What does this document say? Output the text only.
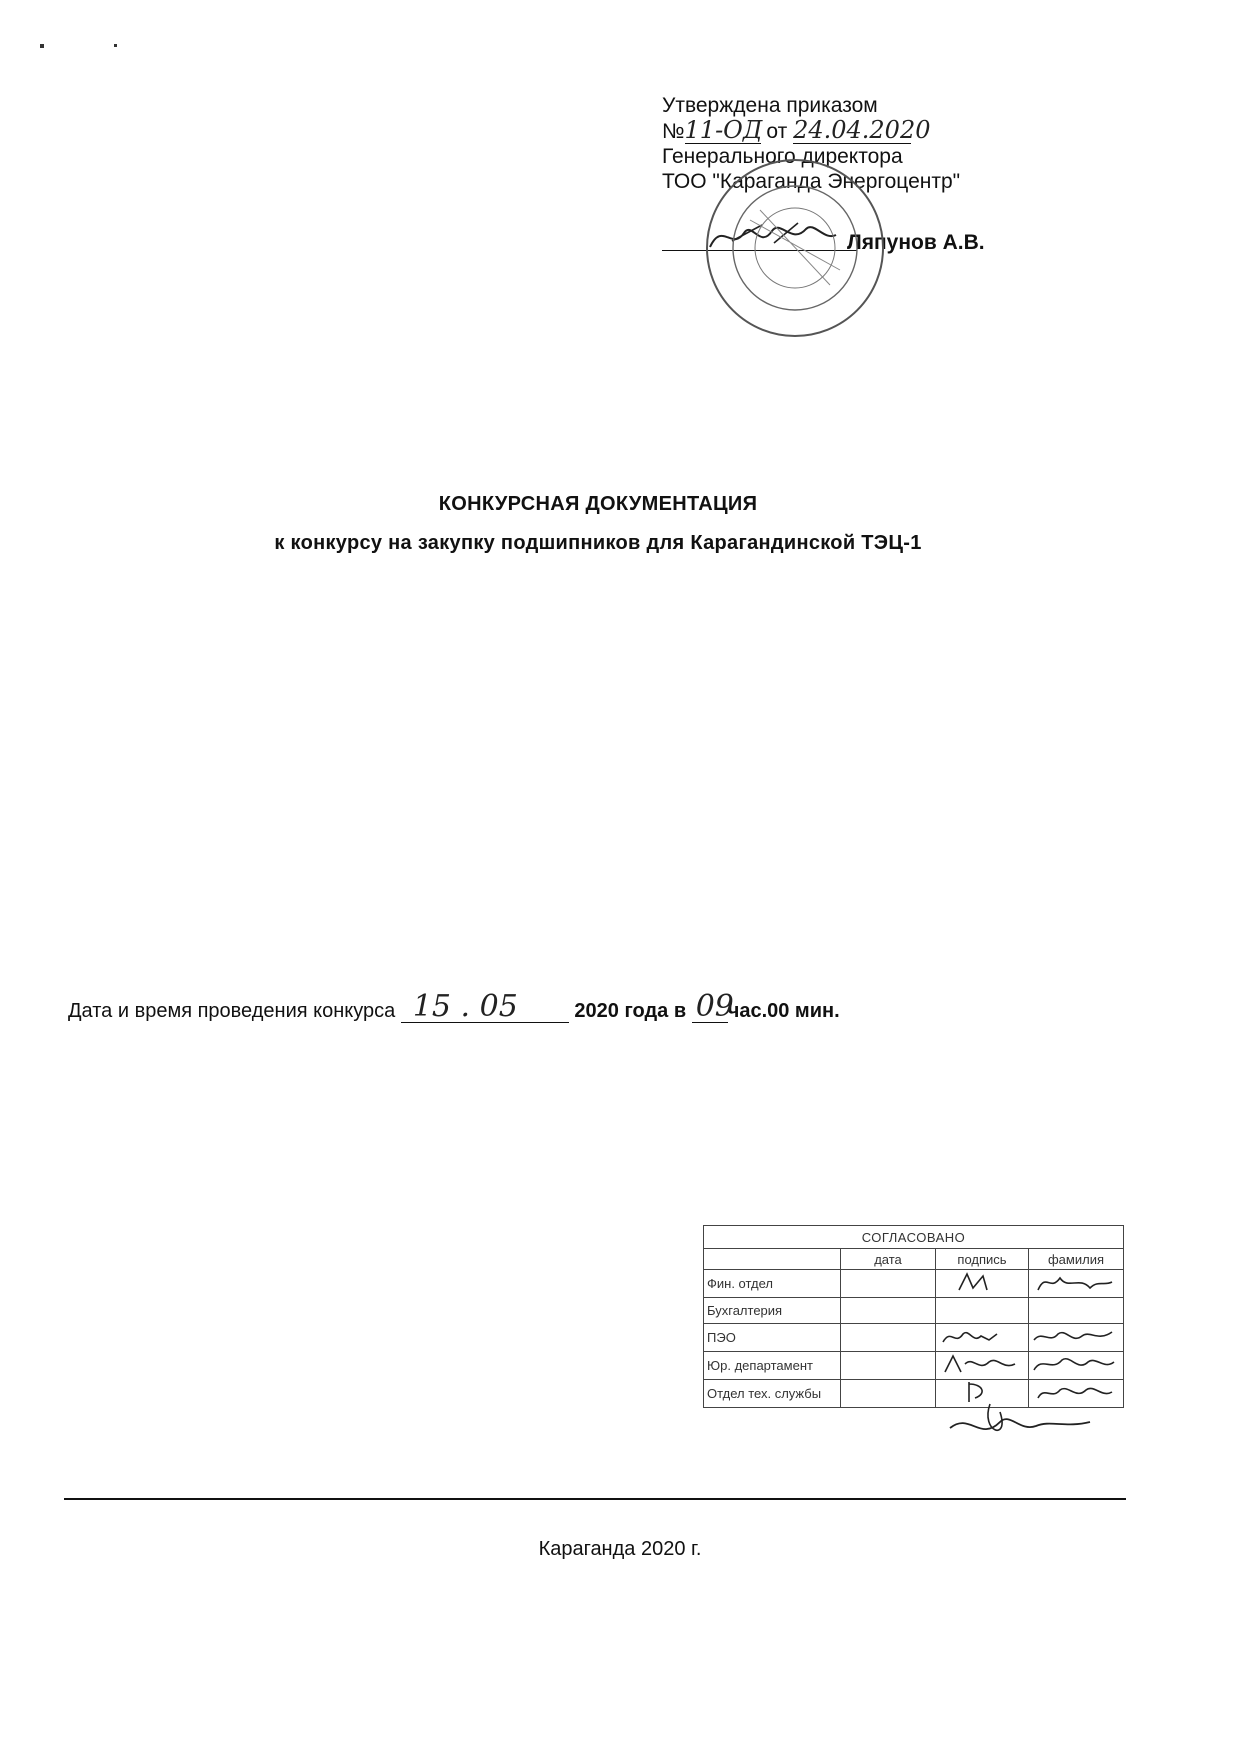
Утверждена приказом
№11-ОД от 24.04.2020
Генерального директора
ТОО "Караганда Энергоцентр"
Ляпунов А.В.
КОНКУРСНАЯ ДОКУМЕНТАЦИЯ
к конкурсу на закупку подшипников для Карагандинской ТЭЦ-1
Дата и время проведения конкурса 15 . 05	2020 года в 09
час.00 мин.
СОГЛАСОВАНО			
	дата	подпись	фамилия
Фин. отдел			
Бухгалтерия			
ПЭО			
Юр. департамент			
Отдел тех. службы			
Караганда 2020 г.
